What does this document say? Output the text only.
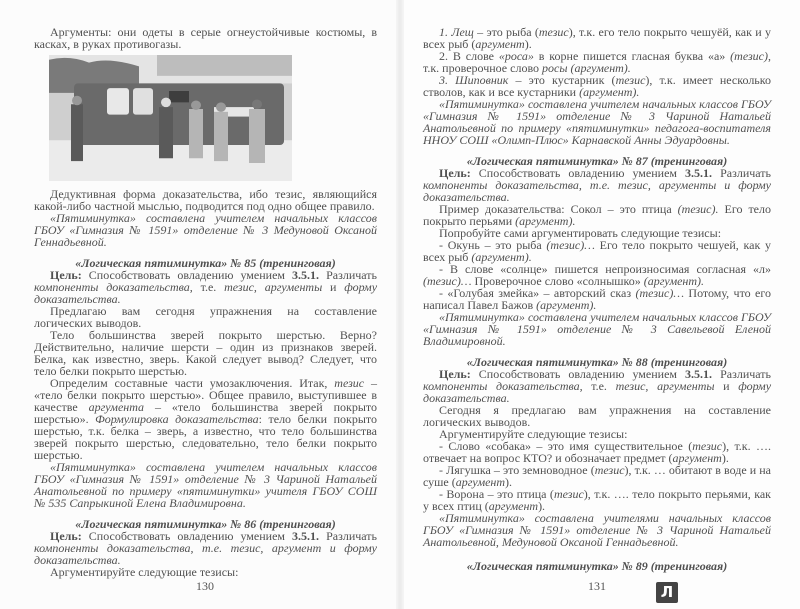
Аргументы: они одеты в серые огнеустойчивые костюмы, в касках, в руках противогазы.

Дедуктивная форма доказательства, ибо тезис, являющийся какой-либо частной мыслью, подводится под одно общее правило.

«Пятиминутка» составлена учителем начальных классов ГБОУ «Гимназия № 1591» отделение № 3 Медуновой Оксаной Геннадьевной.

«Логическая пятиминутка» № 85 (тренинговая)

Цель: Способствовать овладению умением 3.5.1. Различать компоненты доказательства, т.е. тезис, аргументы и форму доказательства.

Предлагаю вам сегодня упражнения на составление логических выводов.

Тело большинства зверей покрыто шерстью. Верно? Действительно, наличие шерсти – один из признаков зверей. Белка, как известно, зверь. Какой следует вывод? Следует, что тело белки покрыто шерстью.

Определим составные части умозаключения. Итак, тезис – «тело белки покрыто шерстью». Общее правило, выступившее в качестве аргумента – «тело большинства зверей покрыто шерстью». Формулировка доказательства: тело белки покрыто шерстью, т.к. белка – зверь, а известно, что тело большинства зверей покрыто шерстью, следовательно, тело белки покрыто шерстью.

«Пятиминутка» составлена учителем начальных классов ГБОУ «Гимназия № 1591» отделение № 3 Чариной Натальей Анатольевной по примеру «пятиминутки» учителя ГБОУ СОШ № 535 Сапрыкиной Елена Владимировна.

«Логическая пятиминутка» № 86 (тренинговая)

Цель: Способствовать овладению умением 3.5.1. Различать компоненты доказательства, т.е. тезис, аргумент и форму доказательства.

Аргументируйте следующие тезисы:

130

1. Лещ – это рыба (тезис), т.к. его тело покрыто чешуёй, как и у всех рыб (аргумент).

2. В слове «роса» в корне пишется гласная буква «а» (тезис), т.к. проверочное слово росы (аргумент).

3. Шиповник – это кустарник (тезис), т.к. имеет несколько стволов, как и все кустарники (аргумент).

«Пятиминутка» составлена учителем начальных классов ГБОУ «Гимназия № 1591» отделение № 3 Чариной Натальей Анатольевной по примеру «пятиминутки» педагога-воспитателя ННОУ СОШ «Олимп-Плюс» Карнавской Анны Эдуардовны.

«Логическая пятиминутка» № 87 (тренинговая)

Цель: Способствовать овладению умением 3.5.1. Различать компоненты доказательства, т.е. тезис, аргументы и форму доказательства.

Пример доказательства: Сокол – это птица (тезис). Его тело покрыто перьями (аргумент).

Попробуйте сами аргументировать следующие тезисы:

- Окунь – это рыба (тезис)… Его тело покрыто чешуей, как у всех рыб (аргумент).

- В слове «солнце» пишется непроизносимая согласная «л» (тезис)… Проверочное слово «солнышко» (аргумент).

- «Голубая змейка» – авторский сказ (тезис)… Потому, что его написал Павел Бажов (аргумент).

«Пятиминутка» составлена учителем начальных классов ГБОУ «Гимназия № 1591» отделение № 3 Савельевой Еленой Владимировной.

«Логическая пятиминутка» № 88 (тренинговая)

Цель: Способствовать овладению умением 3.5.1. Различать компоненты доказательства, т.е. тезис, аргументы и форму доказательства.

Сегодня я предлагаю вам упражнения на составление логических выводов.

Аргументируйте следующие тезисы:

- Слово «собака» – это имя существительное (тезис), т.к. …. отвечает на вопрос КТО? и обозначает предмет (аргумент).

- Лягушка – это земноводное (тезис), т.к. … обитают в воде и на суше (аргумент).

- Ворона – это птица (тезис), т.к. …. тело покрыто перьями, как у всех птиц (аргумент).

«Пятиминутка» составлена учителями начальных классов ГБОУ «Гимназия № 1591» отделение № 3 Чариной Натальей Анатольевной, Медуновой Оксаной Геннадьевной.

«Логическая пятиминутка» № 89 (тренинговая)

131	Л
